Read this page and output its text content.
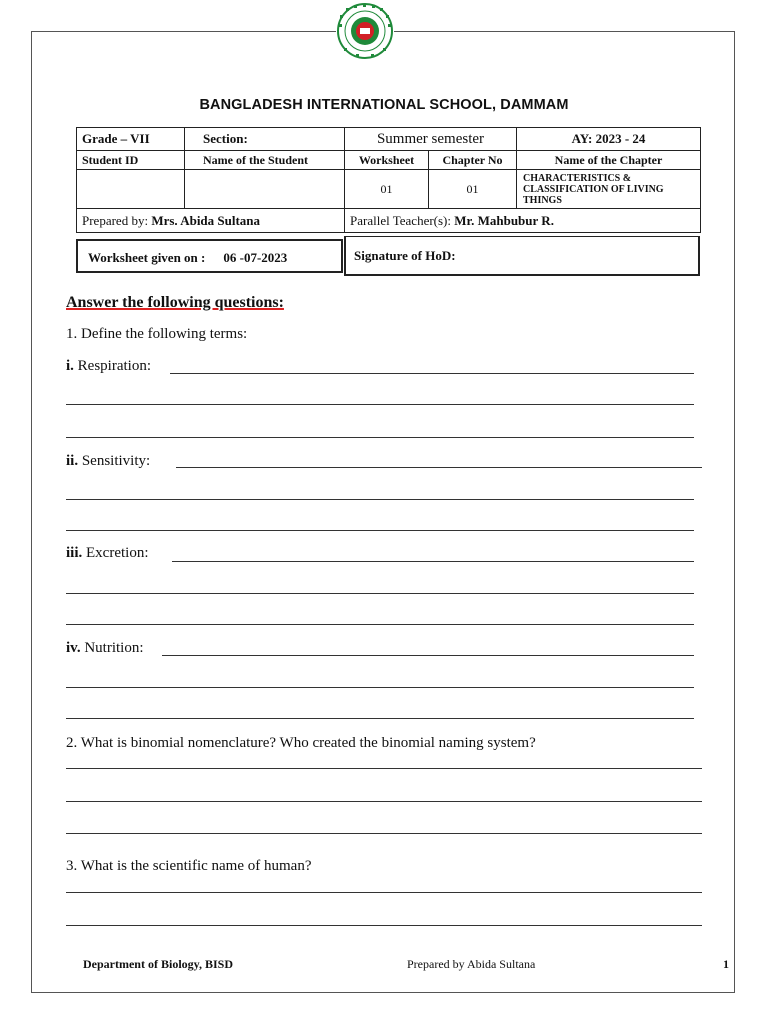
BANGLADESH INTERNATIONAL SCHOOL, DAMMAM
Grade – VII	Section:	Summer semester		AY: 2023 - 24
Student ID	Name of the Student	Worksheet	Chapter No	Name of the Chapter
		01	01	CHARACTERISTICS & CLASSIFICATION OF LIVING THINGS
Prepared by: Mrs. Abida Sultana		Parallel Teacher(s): Mr. Mahbubur R.		
Worksheet given on : 06 -07-2023	Signature of HoD:
Answer the following questions:
1. Define the following terms:
i. Respiration:
ii. Sensitivity:
iii. Excretion:
iv. Nutrition:
2. What is binomial nomenclature? Who created the binomial naming system?
3. What is the scientific name of human?
Department of Biology, BISD	Prepared by Abida Sultana	1
